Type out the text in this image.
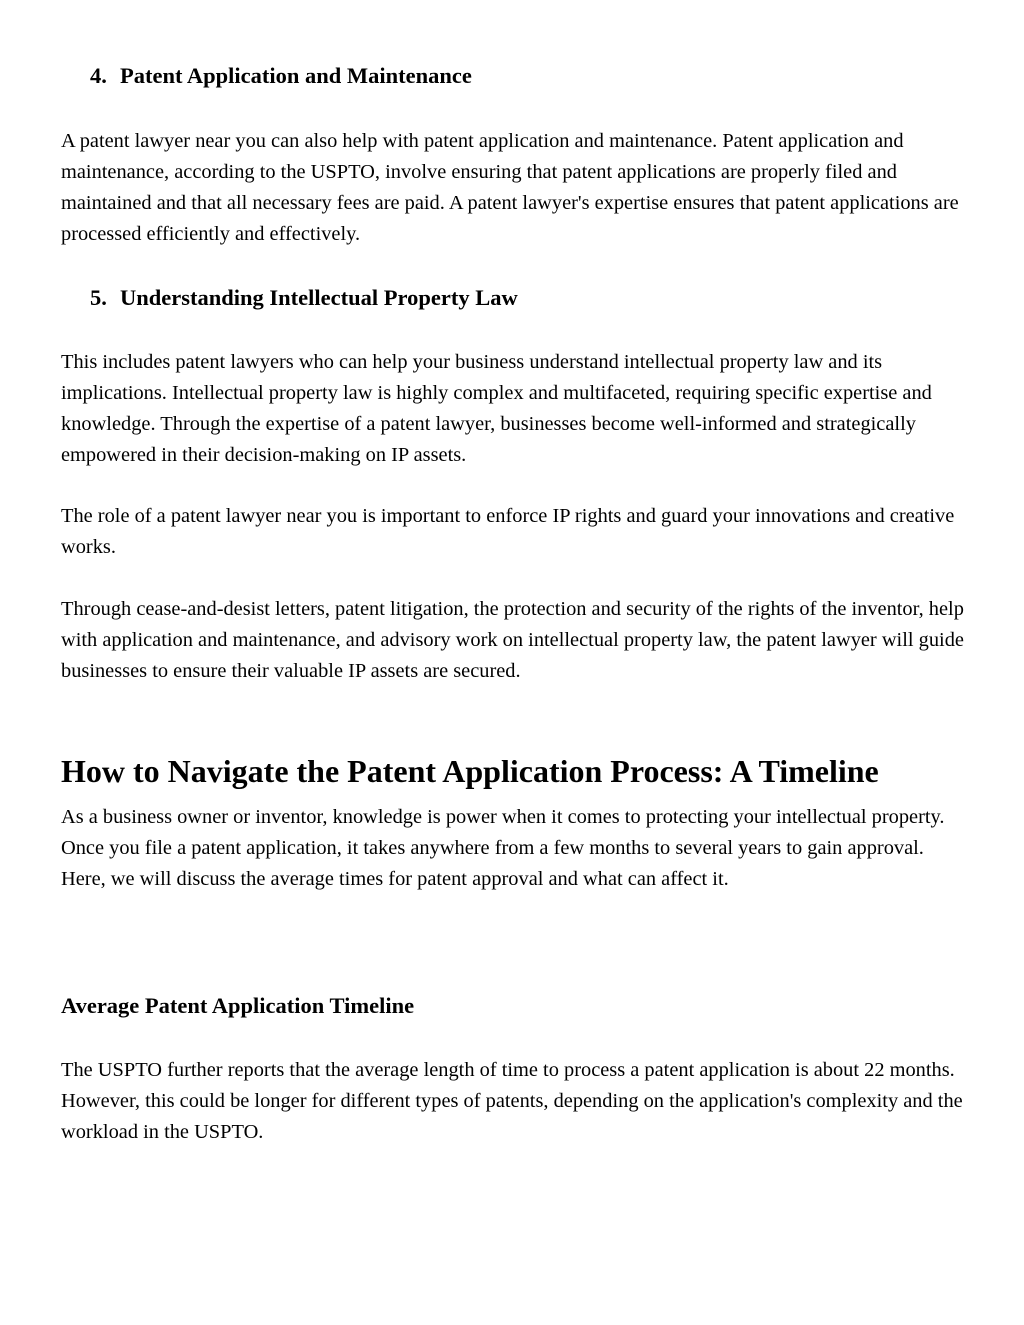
4. Patent Application and Maintenance

A patent lawyer near you can also help with patent application and maintenance. Patent application and maintenance, according to the USPTO, involve ensuring that patent applications are properly filed and maintained and that all necessary fees are paid. A patent lawyer's expertise ensures that patent applications are processed efficiently and effectively.

5. Understanding Intellectual Property Law

This includes patent lawyers who can help your business understand intellectual property law and its implications. Intellectual property law is highly complex and multifaceted, requiring specific expertise and knowledge. Through the expertise of a patent lawyer, businesses become well-informed and strategically empowered in their decision-making on IP assets.

The role of a patent lawyer near you is important to enforce IP rights and guard your innovations and creative works.

Through cease-and-desist letters, patent litigation, the protection and security of the rights of the inventor, help with application and maintenance, and advisory work on intellectual property law, the patent lawyer will guide businesses to ensure their valuable IP assets are secured.

How to Navigate the Patent Application Process: A Timeline

As a business owner or inventor, knowledge is power when it comes to protecting your intellectual property. Once you file a patent application, it takes anywhere from a few months to several years to gain approval. Here, we will discuss the average times for patent approval and what can affect it.

Average Patent Application Timeline

The USPTO further reports that the average length of time to process a patent application is about 22 months. However, this could be longer for different types of patents, depending on the application's complexity and the workload in the USPTO.
